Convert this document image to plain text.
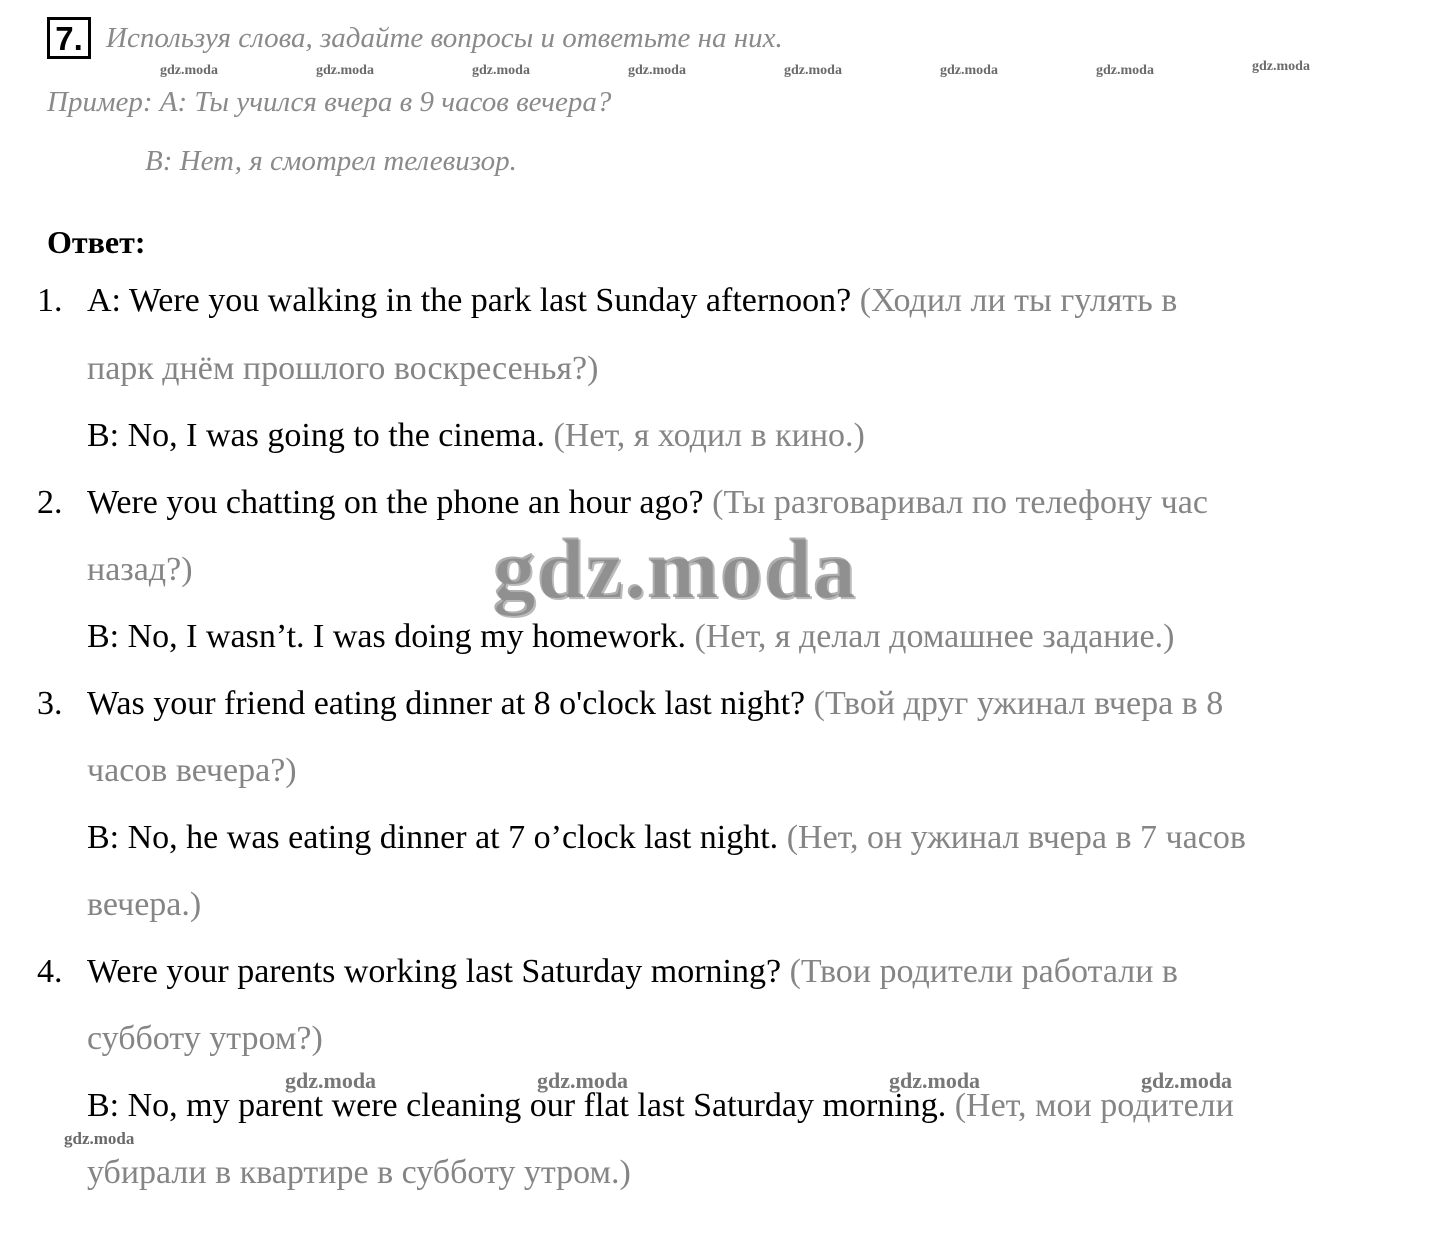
7. Используя слова, задайте вопросы и ответьте на них.
Пример: А: Ты учился вчера в 9 часов вечера?
В: Нет, я смотрел телевизор.
gdz.moda	gdz.moda	gdz.moda	gdz.moda	gdz.moda	gdz.moda	gdz.moda	gdz.moda
Ответ:
1. A: Were you walking in the park last Sunday afternoon? (Ходил ли ты гулять в
парк днём прошлого воскресенья?)
B: No, I was going to the cinema. (Нет, я ходил в кино.)
2. Were you chatting on the phone an hour ago? (Ты разговаривал по телефону час
назад?)
B: No, I wasn’t. I was doing my homework. (Нет, я делал домашнее задание.)
3. Was your friend eating dinner at 8 o'clock last night? (Твой друг ужинал вчера в 8
часов вечера?)
B: No, he was eating dinner at 7 o’clock last night. (Нет, он ужинал вчера в 7 часов
вечера.)
4. Were your parents working last Saturday morning? (Твои родители работали в
субботу утром?)
B: No, my parent were cleaning our flat last Saturday morning. (Нет, мои родители
убирали в квартире в субботу утром.)
gdz.moda	gdz.moda	gdz.moda	gdz.moda
gdz.moda
gdz.moda
